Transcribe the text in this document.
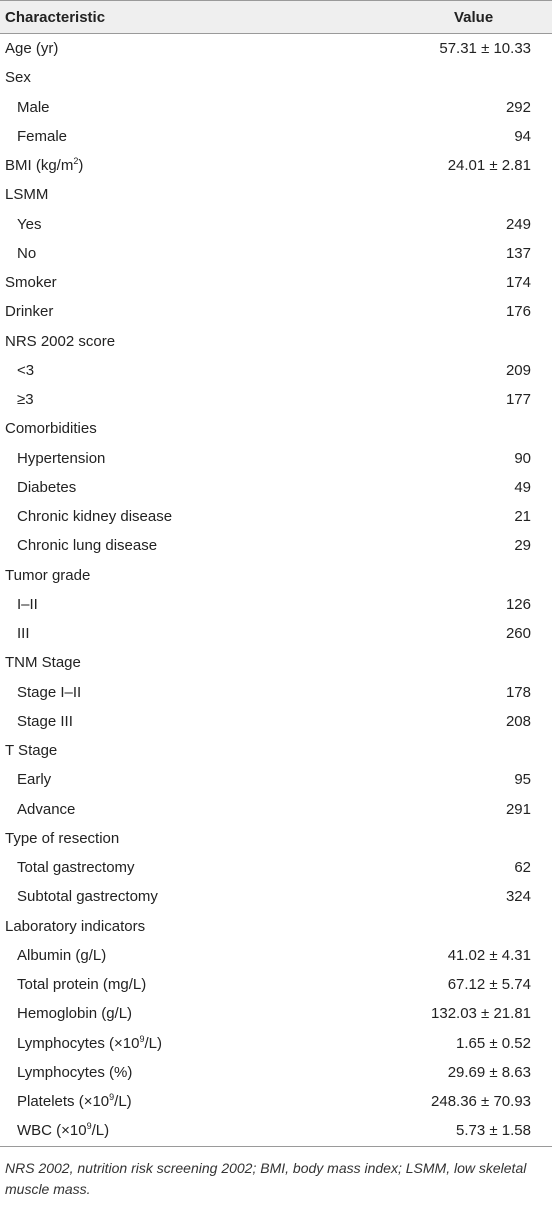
Characteristic	Value
Age (yr)	57.31 ± 10.33
Sex
Male	292
Female	94
BMI $(kg/m^2)$	24.01 ± 2.81
LSMM
Yes	249
No	137
Smoker	174
Drinker	176
NRS 2002 score
<3	209
≥3	177
Comorbidities
Hypertension	90
Diabetes	49
Chronic kidney disease	21
Chronic lung disease	29
Tumor grade
I–II	126
III	260
TNM Stage
Stage I–II	178
Stage III	208
T Stage
Early	95
Advance	291
Type of resection
Total gastrectomy	62
Subtotal gastrectomy	324
Laboratory indicators
Albumin (g/L)	41.02 ± 4.31
Total protein (mg/L)	67.12 ± 5.74
Hemoglobin (g/L)	132.03 ± 21.81
Lymphocytes $(\times 10^9/L)$	1.65 ± 0.52
Lymphocytes (%)	29.69 ± 8.63
Platelets $(\times 10^9/L)$	248.36 ± 70.93
WBC $(\times 10^9/L)$	5.73 ± 1.58
NRS 2002, nutrition risk screening 2002; BMI, body mass index; LSMM, low skeletal muscle mass.
